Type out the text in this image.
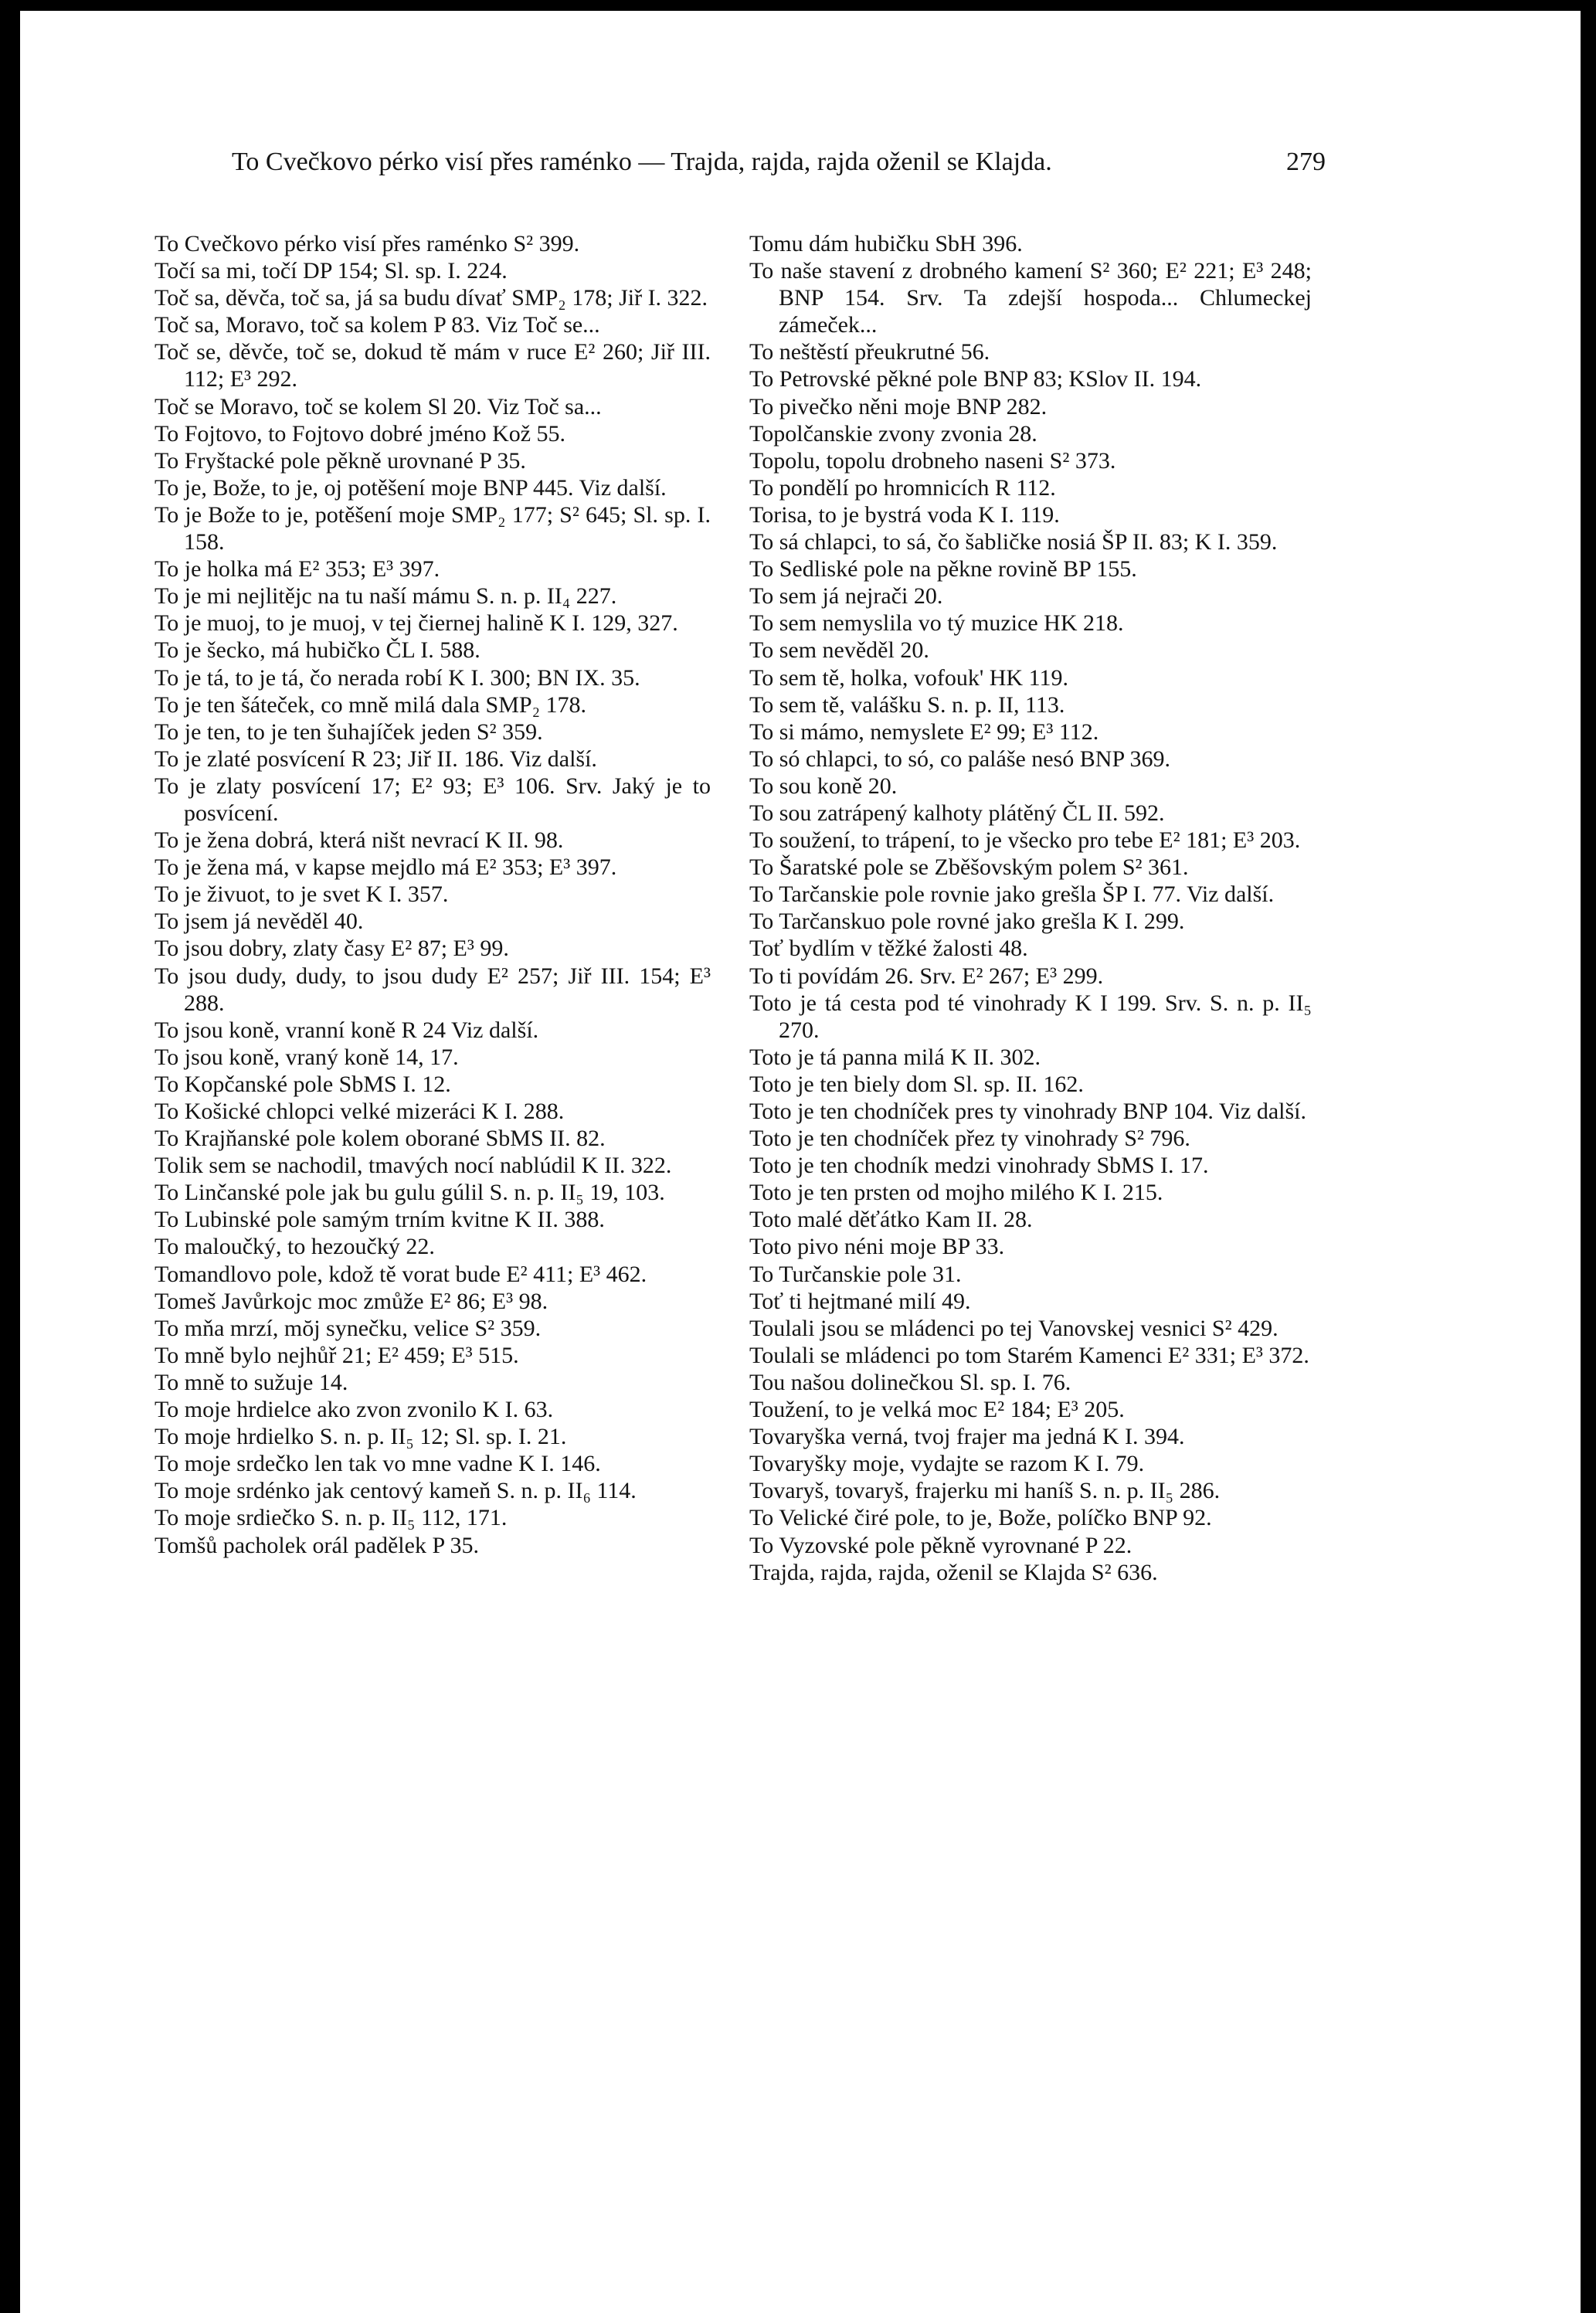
To Cvečkovo pérko visí přes raménko — Trajda, rajda, rajda oženil se Klajda.	279

To Cvečkovo pérko visí přes raménko S² 399.

Točí sa mi, točí DP 154; Sl. sp. I. 224.

Toč sa, děvča, toč sa, já sa budu dívať SMP₂ 178; Jiř I. 322.

Toč sa, Moravo, toč sa kolem P 83. Viz Toč se...

Toč se, děvče, toč se, dokud tě mám v ruce E² 260; Jiř III. 112; E³ 292.

Toč se Moravo, toč se kolem Sl 20. Viz Toč sa...

To Fojtovo, to Fojtovo dobré jméno Kož 55.

To Fryštacké pole pěkně urovnané P 35.

To je, Bože, to je, oj potěšení moje BNP 445. Viz další.

To je Bože to je, potěšení moje SMP₂ 177; S² 645; Sl. sp. I. 158.

To je holka má E² 353; E³ 397.

To je mi nejlitějc na tu naší mámu S. n. p. II₄ 227.

To je muoj, to je muoj, v tej čiernej halině K I. 129, 327.

To je šecko, má hubičko ČL I. 588.

To je tá, to je tá, čo nerada robí K I. 300; BN IX. 35.

To je ten šáteček, co mně milá dala SMP₂ 178.

To je ten, to je ten šuhajíček jeden S² 359.

To je zlaté posvícení R 23; Jiř II. 186. Viz další.

To je zlaty posvícení 17; E² 93; E³ 106. Srv. Jaký je to posvícení.

To je žena dobrá, která ništ nevrací K II. 98.

To je žena má, v kapse mejdlo má E² 353; E³ 397.

To je živuot, to je svet K I. 357.

To jsem já nevěděl 40.

To jsou dobry, zlaty časy E² 87; E³ 99.

To jsou dudy, dudy, to jsou dudy E² 257; Jiř III. 154; E³ 288.

To jsou koně, vranní koně R 24 Viz další.

To jsou koně, vraný koně 14, 17.

To Kopčanské pole SbMS I. 12.

To Košické chlopci velké mizeráci K I. 288.

To Krajňanské pole kolem oborané SbMS II. 82.

Tolik sem se nachodil, tmavých nocí nablúdil K II. 322.

To Linčanské pole jak bu gulu gúlil S. n. p. II₅ 19, 103.

To Lubinské pole samým trním kvitne K II. 388.

To maloučký, to hezoučký 22.

Tomandlovo pole, kdož tě vorat bude E² 411; E³ 462.

Tomeš Javůrkojc moc zmůže E² 86; E³ 98.

To mňa mrzí, mŏj synečku, velice S² 359.

To mně bylo nejhůř 21; E² 459; E³ 515.

To mně to sužuje 14.

To moje hrdielce ako zvon zvonilo K I. 63.

To moje hrdielko S. n. p. II₅ 12; Sl. sp. I. 21.

To moje srdečko len tak vo mne vadne K I. 146.

To moje srdénko jak centový kameň S. n. p. II₆ 114.

To moje srdiečko S. n. p. II₅ 112, 171.

Tomšů pacholek orál padělek P 35.

Tomu dám hubičku SbH 396.

To naše stavení z drobného kamení S² 360; E² 221; E³ 248; BNP 154. Srv. Ta zdejší hospoda... Chlumeckej zámeček...

To neštěstí přeukrutné 56.

To Petrovské pěkné pole BNP 83; KSlov II. 194.

To pivečko něni moje BNP 282.

Topolčanskie zvony zvonia 28.

Topolu, topolu drobneho naseni S² 373.

To pondělí po hromnicích R 112.

Torisa, to je bystrá voda K I. 119.

To sá chlapci, to sá, čo šabličke nosiá ŠP II. 83; K I. 359.

To Sedliské pole na pěkne rovině BP 155.

To sem já nejrači 20.

To sem nemyslila vo tý muzice HK 218.

To sem nevěděl 20.

To sem tě, holka, vofouk' HK 119.

To sem tě, valášku S. n. p. II, 113.

To si mámo, nemyslete E² 99; E³ 112.

To só chlapci, to só, co paláše nesó BNP 369.

To sou koně 20.

To sou zatrápený kalhoty plátěný ČL II. 592.

To soužení, to trápení, to je všecko pro tebe E² 181; E³ 203.

To Šaratské pole se Zběšovským polem S² 361.

To Tarčanskie pole rovnie jako grešla ŠP I. 77. Viz další.

To Tarčanskuo pole rovné jako grešla K I. 299.

Toť bydlím v těžké žalosti 48.

To ti povídám 26. Srv. E² 267; E³ 299.

Toto je tá cesta pod té vinohrady K I 199. Srv. S. n. p. II₅ 270.

Toto je tá panna milá K II. 302.

Toto je ten biely dom Sl. sp. II. 162.

Toto je ten chodníček pres ty vinohrady BNP 104. Viz další.

Toto je ten chodníček přez ty vinohrady S² 796.

Toto je ten chodník medzi vinohrady SbMS I. 17.

Toto je ten prsten od mojho milého K I. 215.

Toto malé děťátko Kam II. 28.

Toto pivo néni moje BP 33.

To Turčanskie pole 31.

Toť ti hejtmané milí 49.

Toulali jsou se mládenci po tej Vanovskej vesnici S² 429.

Toulali se mládenci po tom Starém Kamenci E² 331; E³ 372.

Tou našou dolinečkou Sl. sp. I. 76.

Toužení, to je velká moc E² 184; E³ 205.

Tovaryška verná, tvoj frajer ma jedná K I. 394.

Tovaryšky moje, vydajte se razom K I. 79.

Tovaryš, tovaryš, frajerku mi haníš S. n. p. II₅ 286.

To Velické čiré pole, to je, Bože, políčko BNP 92.

To Vyzovské pole pěkně vyrovnané P 22.

Trajda, rajda, rajda, oženil se Klajda S² 636.
